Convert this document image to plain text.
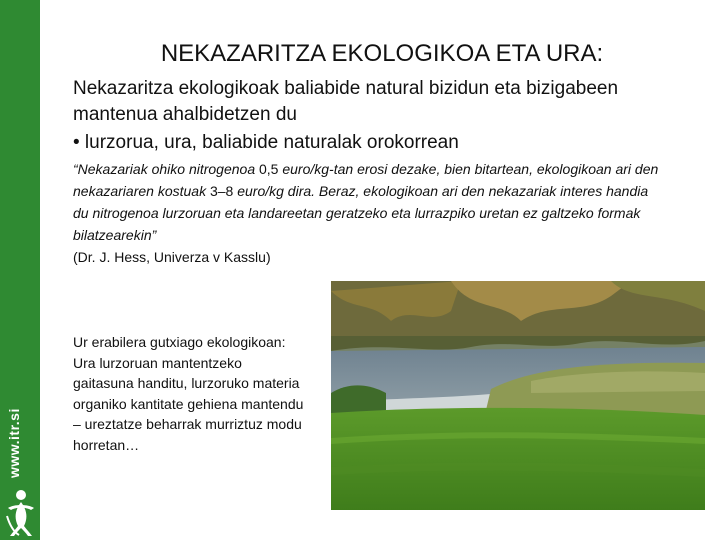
www.itr.si
NEKAZARITZA EKOLOGIKOA ETA URA:
Nekazaritza ekologikoak baliabide natural bizidun eta bizigabeen mantenua ahalbidetzen du
• lurzorua, ura, baliabide naturalak orokorrean
“Nekazariak ohiko nitrogenoa 0,5 euro/kg-tan erosi dezake, bien bitartean, ekologikoan ari den nekazariaren kostuak 3–8 euro/kg dira. Beraz, ekologikoan ari den nekazariak interes handia du nitrogenoa lurzoruan eta landareetan geratzeko eta lurrazpiko uretan ez galtzeko formak bilatzearekin”
(Dr. J. Hess, Univerza v Kasslu)
Ur erabilera gutxiago ekologikoan:
Ura lurzoruan mantentzeko gaitasuna handitu, lurzoruko materia organiko kantitate gehiena mantendu – ureztatze beharrak murriztuz modu horretan…
